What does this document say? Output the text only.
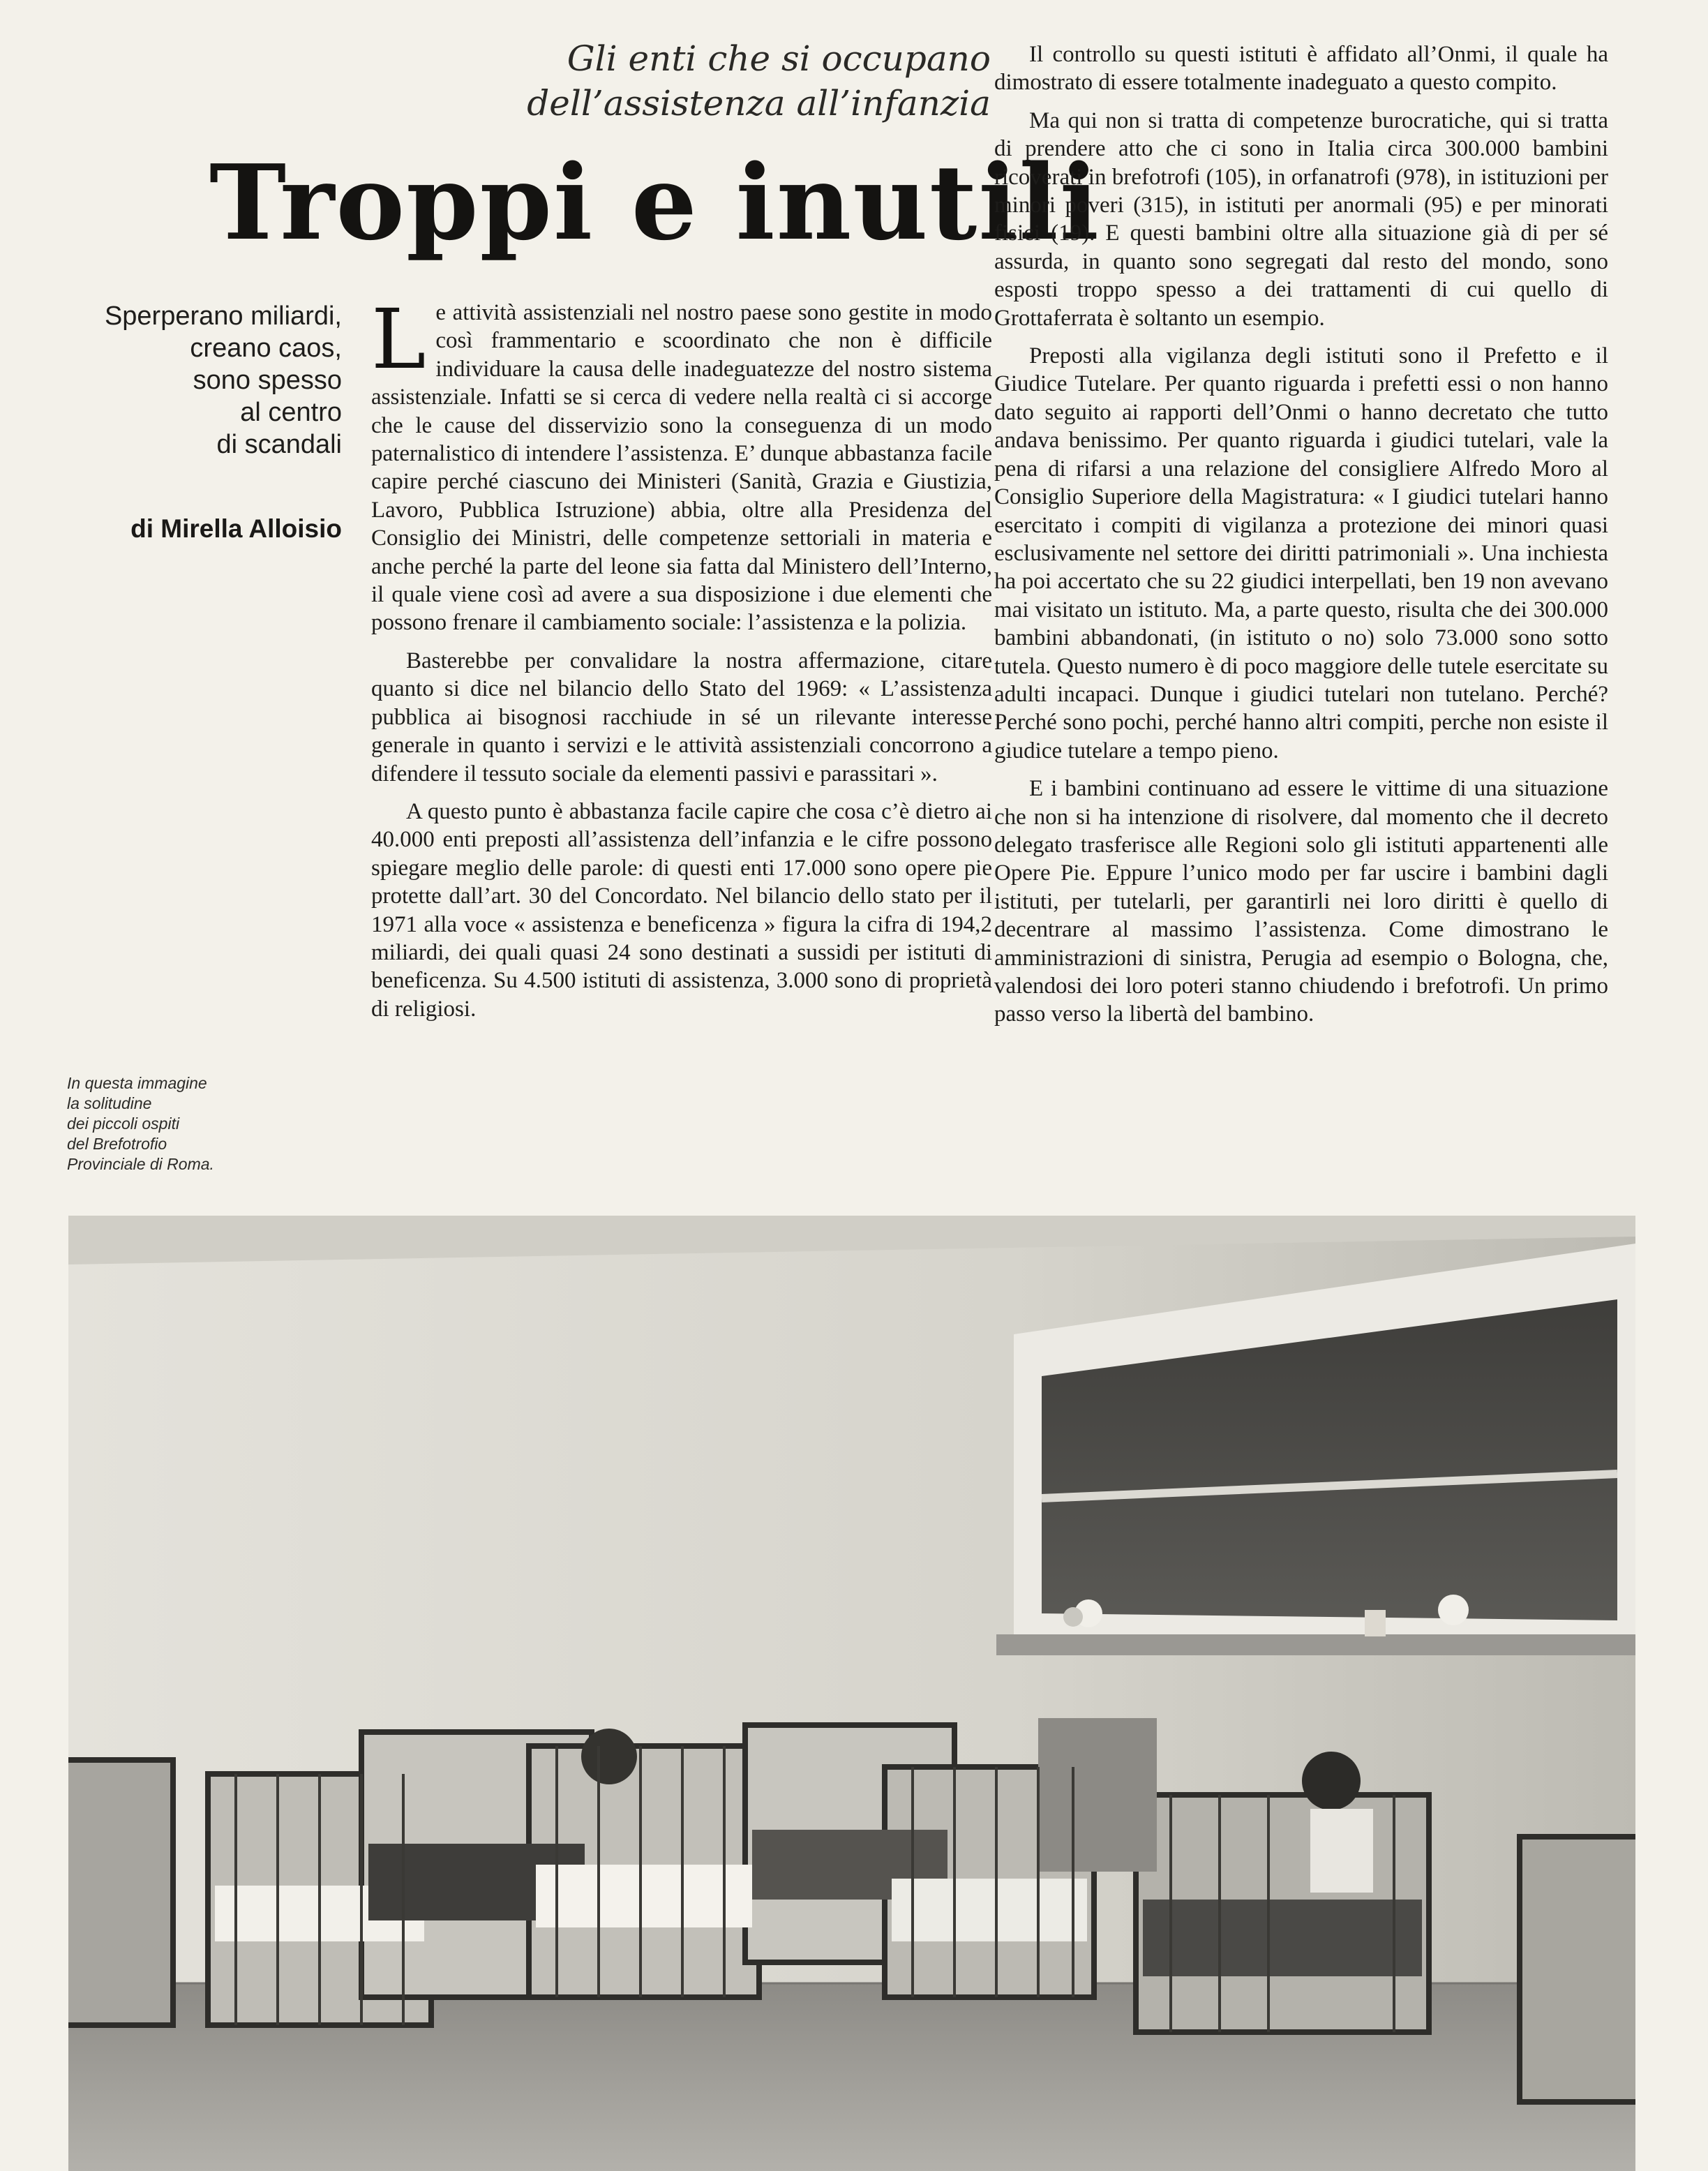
Gli enti che si occupano
dell’assistenza all’infanzia
Troppi e inutili
Sperperano miliardi,
creano caos,
sono spesso
al centro
di scandali
di Mirella Alloisio
In questa immagine
la solitudine
dei piccoli ospiti
del Brefotrofio
Provinciale di Roma.

Le attività assistenziali nel nostro paese sono gestite in modo così frammentario e scoordinato che non è difficile individuare la causa delle inadeguatezze del nostro sistema assistenziale. Infatti se si cerca di vedere nella realtà ci si accorge che le cause del disservizio sono la conseguenza di un modo paternalistico di intendere l’assistenza. E’ dunque abbastanza facile capire perché ciascuno dei Ministeri (Sanità, Grazia e Giustizia, Lavoro, Pubblica Istruzione) abbia, oltre alla Presidenza del Consiglio dei Ministri, delle competenze settoriali in materia e anche perché la parte del leone sia fatta dal Ministero dell’Interno, il quale viene così ad avere a sua disposizione i due elementi che possono frenare il cambiamento sociale: l’assistenza e la polizia.

Basterebbe per convalidare la nostra affermazione, citare quanto si dice nel bilancio dello Stato del 1969: « L’assistenza pubblica ai bisognosi racchiude in sé un rilevante interesse generale in quanto i servizi e le attività assistenziali concorrono a difendere il tessuto sociale da elementi passivi e parassitari ».

A questo punto è abbastanza facile capire che cosa c’è dietro ai 40.000 enti preposti all’assistenza dell’infanzia e le cifre possono spiegare meglio delle parole: di questi enti 17.000 sono opere pie protette dall’art. 30 del Concordato. Nel bilancio dello stato per il 1971 alla voce « assistenza e beneficenza » figura la cifra di 194,2 miliardi, dei quali quasi 24 sono destinati a sussidi per istituti di beneficenza. Su 4.500 istituti di assistenza, 3.000 sono di proprietà di religiosi.

Il controllo su questi istituti è affidato all’Onmi, il quale ha dimostrato di essere totalmente inadeguato a questo compito.

Ma qui non si tratta di competenze burocratiche, qui si tratta di prendere atto che ci sono in Italia circa 300.000 bambini ricoverati in brefotrofi (105), in orfanatrofi (978), in istituzioni per minori poveri (315), in istituti per anormali (95) e per minorati fisici (19). E questi bambini oltre alla situazione già di per sé assurda, in quanto sono segregati dal resto del mondo, sono esposti troppo spesso a dei trattamenti di cui quello di Grottaferrata è soltanto un esempio.

Preposti alla vigilanza degli istituti sono il Prefetto e il Giudice Tutelare. Per quanto riguarda i prefetti essi o non hanno dato seguito ai rapporti dell’Onmi o hanno decretato che tutto andava benissimo. Per quanto riguarda i giudici tutelari, vale la pena di rifarsi a una relazione del consigliere Alfredo Moro al Consiglio Superiore della Magistratura: « I giudici tutelari hanno esercitato i compiti di vigilanza a protezione dei minori quasi esclusivamente nel settore dei diritti patrimoniali ». Una inchiesta ha poi accertato che su 22 giudici interpellati, ben 19 non avevano mai visitato un istituto. Ma, a parte questo, risulta che dei 300.000 bambini abbandonati, (in istituto o no) solo 73.000 sono sotto tutela. Questo numero è di poco maggiore delle tutele esercitate su adulti incapaci. Dunque i giudici tutelari non tutelano. Perché? Perché sono pochi, perché hanno altri compiti, perche non esiste il giudice tutelare a tempo pieno.

E i bambini continuano ad essere le vittime di una situazione che non si ha intenzione di risolvere, dal momento che il decreto delegato trasferisce alle Regioni solo gli istituti appartenenti alle Opere Pie. Eppure l’unico modo per far uscire i bambini dagli istituti, per tutelarli, per garantirli nei loro diritti è quello di decentrare al massimo l’assistenza. Come dimostrano le amministrazioni di sinistra, Perugia ad esempio o Bologna, che, valendosi dei loro poteri stanno chiudendo i brefotrofi. Un primo passo verso la libertà del bambino.
